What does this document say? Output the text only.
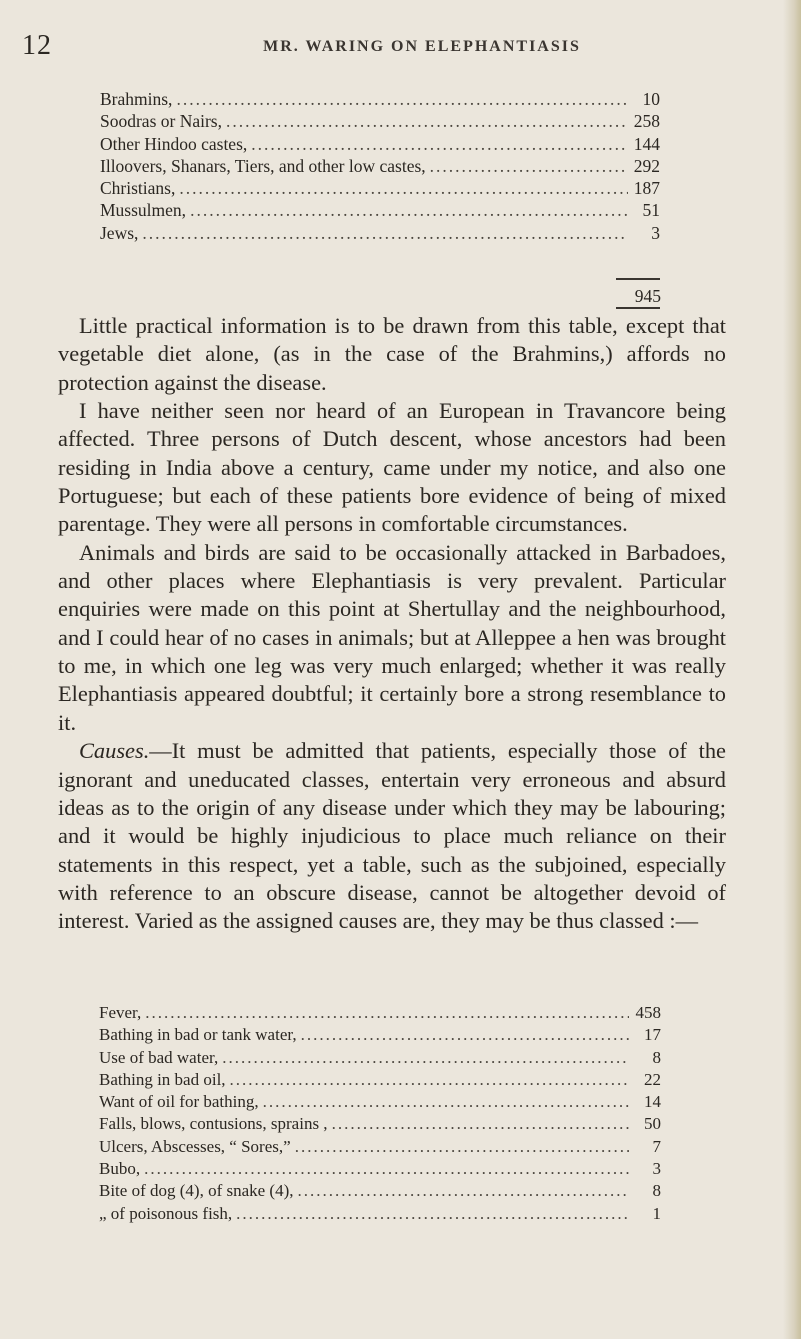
12	MR. WARING ON ELEPHANTIASIS
Brahmins, .....	10
Soodras or Nairs, .....	258
Other Hindoo castes, .....	144
Illoovers, Shanars, Tiers, and other low castes, .....	292
Christians, .....	187
Mussulmen, .....	51
Jews, .....	3
945

Little practical information is to be drawn from this table, except that vegetable diet alone, (as in the case of the Brahmins,) affords no protection against the disease.

I have neither seen nor heard of an European in Travancore being affected. Three persons of Dutch descent, whose ancestors had been residing in India above a century, came under my notice, and also one Portuguese; but each of these patients bore evidence of being of mixed parentage. They were all persons in comfortable circumstances.

Animals and birds are said to be occasionally attacked in Barbadoes, and other places where Elephantiasis is very prevalent. Particular enquiries were made on this point at Shertullay and the neighbourhood, and I could hear of no cases in animals; but at Alleppee a hen was brought to me, in which one leg was very much enlarged; whether it was really Elephantiasis appeared doubtful; it certainly bore a strong resemblance to it.

Causes.—It must be admitted that patients, especially those of the ignorant and uneducated classes, entertain very erroneous and absurd ideas as to the origin of any disease under which they may be labouring; and it would be highly injudicious to place much reliance on their statements in this respect, yet a table, such as the subjoined, especially with reference to an obscure disease, cannot be altogether devoid of interest. Varied as the assigned causes are, they may be thus classed :—

Fever, .....	458
Bathing in bad or tank water, .....	17
Use of bad water, .....	8
Bathing in bad oil, .....	22
Want of oil for bathing, .....	14
Falls, blows, contusions, sprains , .....	50
Ulcers, Abscesses, “ Sores,” .....	7
Bubo, .....	3
Bite of dog (4), of snake (4), .....	8
„ of poisonous fish, .....	1
